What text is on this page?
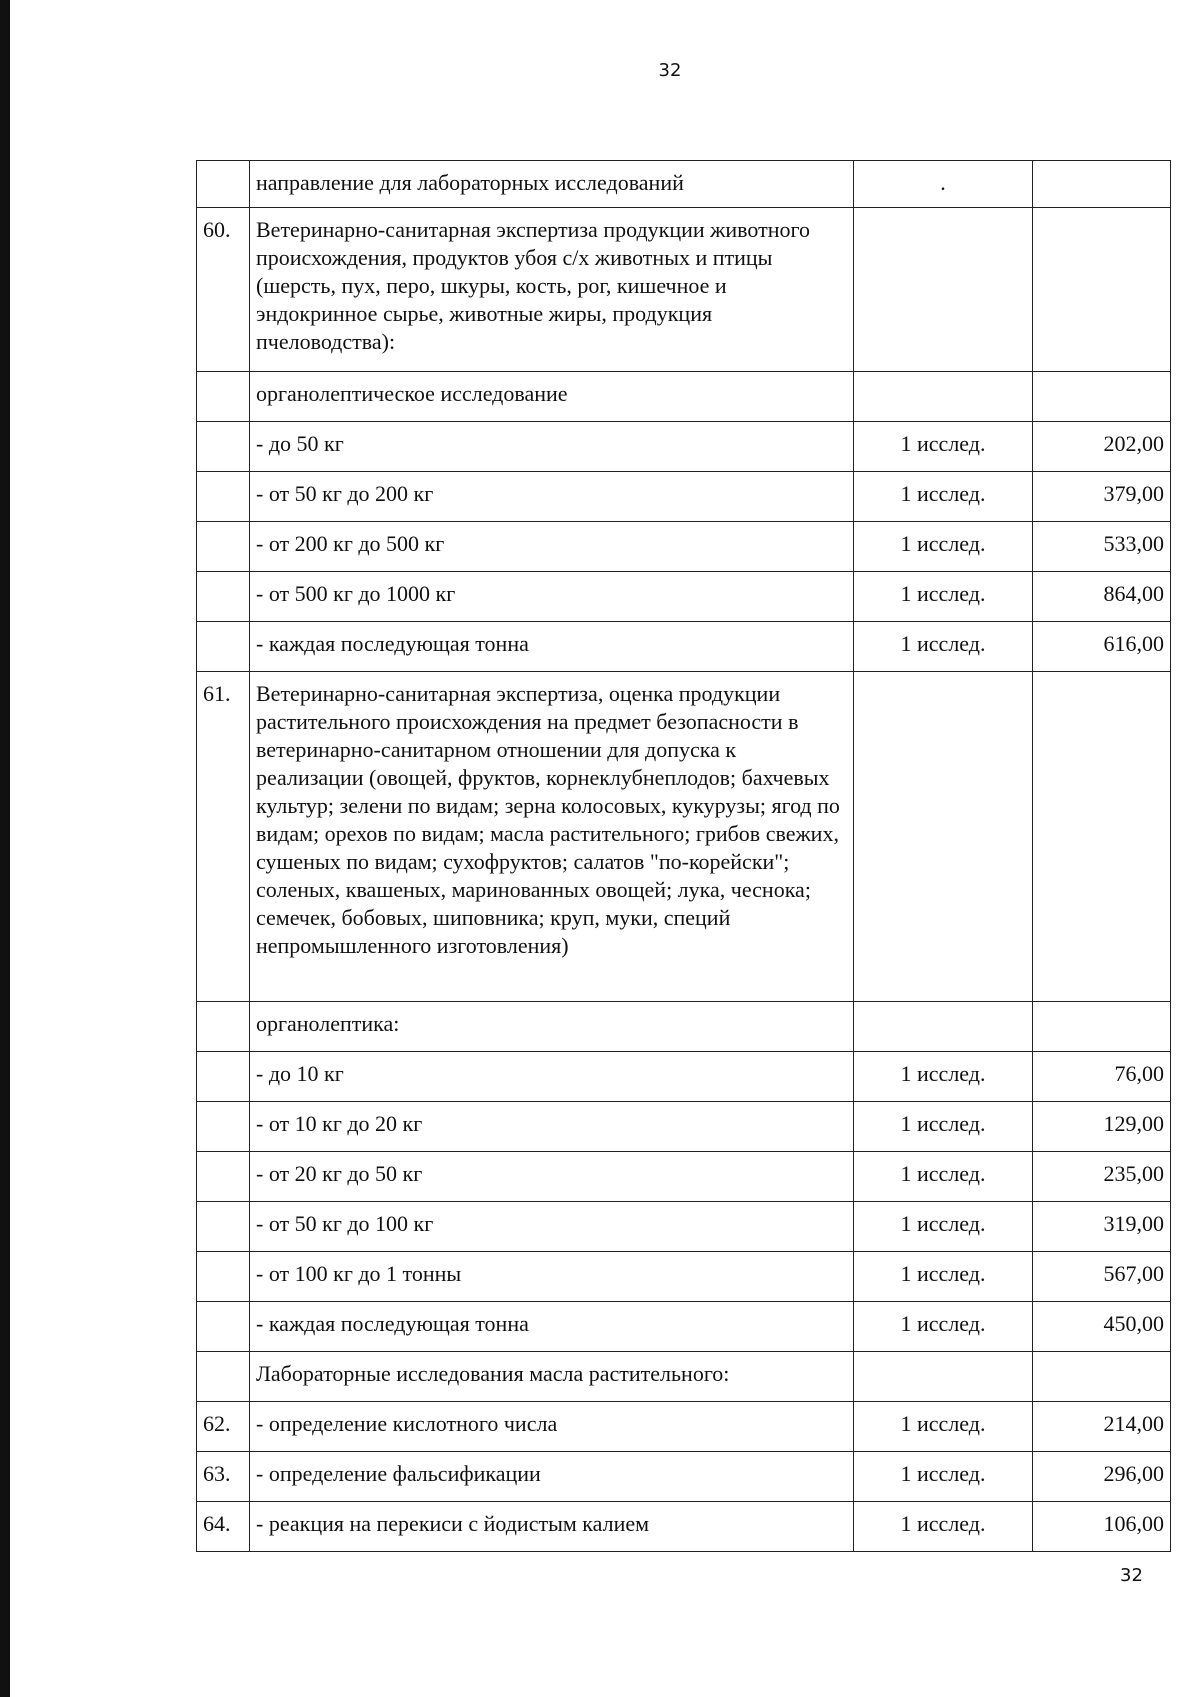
32
	направление для лабораторных исследований	.	
60.	Ветеринарно-санитарная экспертиза продукции животного происхождения, продуктов убоя с/х животных и птицы (шерсть, пух, перо, шкуры, кость, рог, кишечное и эндокринное сырье, животные жиры, продукция пчеловодства):		
	органолептическое исследование		
	- до 50 кг	1 исслед.	202,00
	- от 50 кг до 200 кг	1 исслед.	379,00
	- от 200 кг до 500 кг	1 исслед.	533,00
	- от 500 кг до 1000 кг	1 исслед.	864,00
	- каждая последующая тонна	1 исслед.	616,00
61.	Ветеринарно-санитарная экспертиза, оценка продукции растительного происхождения на предмет безопасности в ветеринарно-санитарном отношении для допуска к реализации (овощей, фруктов, корнеклубнеплодов; бахчевых культур; зелени по видам; зерна колосовых, кукурузы; ягод по видам; орехов по видам; масла растительного; грибов свежих, сушеных по видам; сухофруктов; салатов "по-корейски"; соленых, квашеных, маринованных овощей; лука, чеснока; семечек, бобовых, шиповника; круп, муки, специй непромышленного изготовления)		
	органолептика:		
	- до 10 кг	1 исслед.	76,00
	- от 10 кг до 20 кг	1 исслед.	129,00
	- от 20 кг до 50 кг	1 исслед.	235,00
	- от 50 кг до 100 кг	1 исслед.	319,00
	- от 100 кг до 1 тонны	1 исслед.	567,00
	- каждая последующая тонна	1 исслед.	450,00
	Лабораторные исследования масла растительного:		
62.	- определение кислотного числа	1 исслед.	214,00
63.	- определение фальсификации	1 исслед.	296,00
64.	- реакция на перекиси с йодистым калием	1 исслед.	106,00
32
